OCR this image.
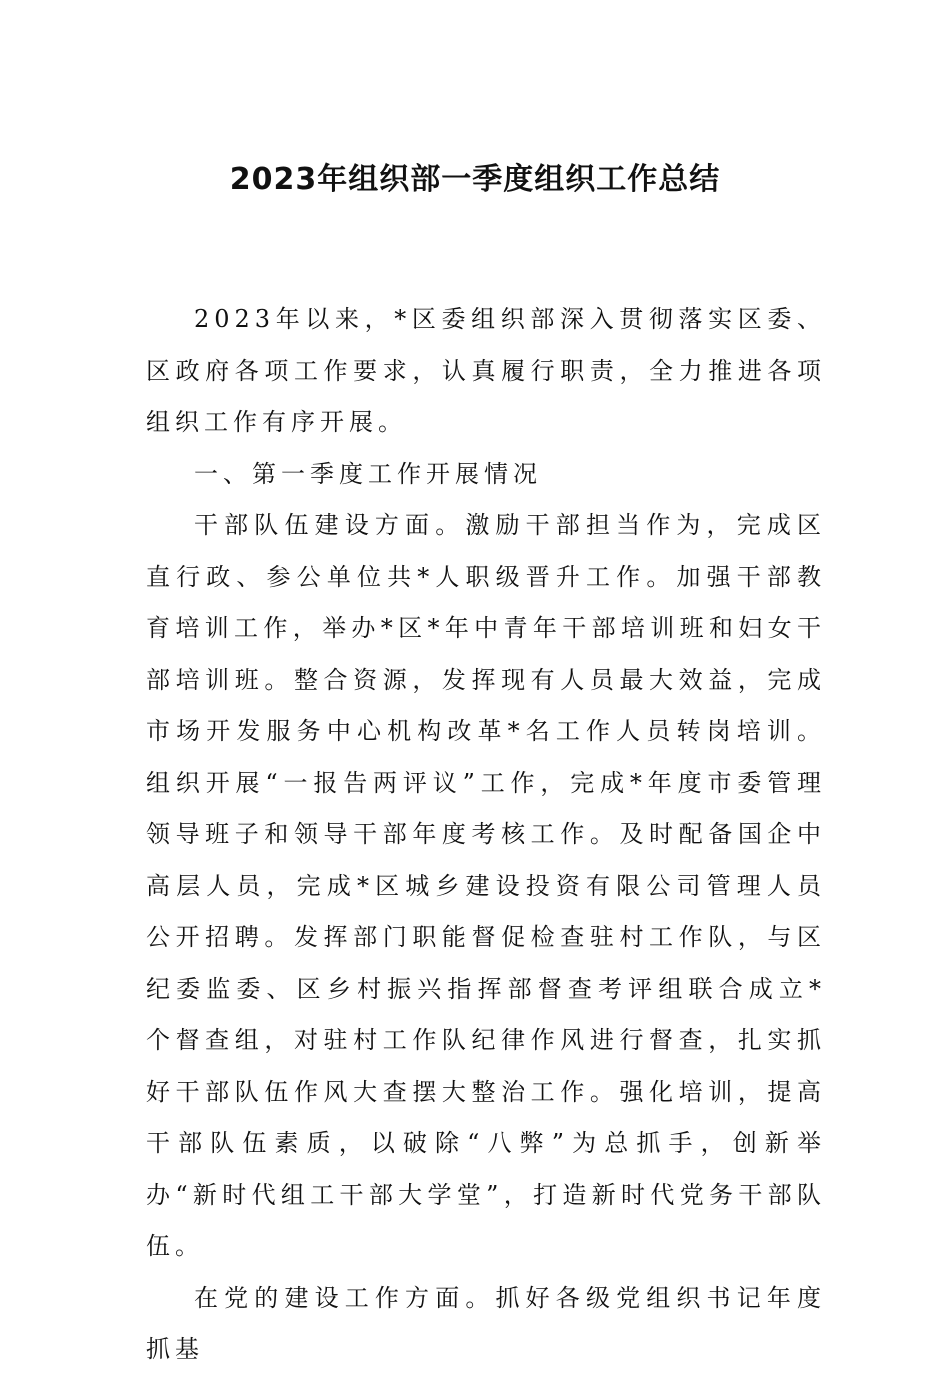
2023年组织部一季度组织工作总结

2023年以来，*区委组织部深入贯彻落实区委、区政府各项工作要求，认真履行职责，全力推进各项组织工作有序开展。

一、第一季度工作开展情况

干部队伍建设方面。激励干部担当作为，完成区直行政、参公单位共*人职级晋升工作。加强干部教育培训工作，举办*区*年中青年干部培训班和妇女干部培训班。整合资源，发挥现有人员最大效益，完成市场开发服务中心机构改革*名工作人员转岗培训。组织开展“一报告两评议”工作，完成*年度市委管理领导班子和领导干部年度考核工作。及时配备国企中高层人员，完成*区城乡建设投资有限公司管理人员公开招聘。发挥部门职能督促检查驻村工作队，与区纪委监委、区乡村振兴指挥部督查考评组联合成立*个督查组，对驻村工作队纪律作风进行督查，扎实抓好干部队伍作风大查摆大整治工作。强化培训，提高干部队伍素质，以破除“八弊”为总抓手，创新举办“新时代组工干部大学堂”，打造新时代党务干部队伍。

在党的建设工作方面。抓好各级党组织书记年度抓基
